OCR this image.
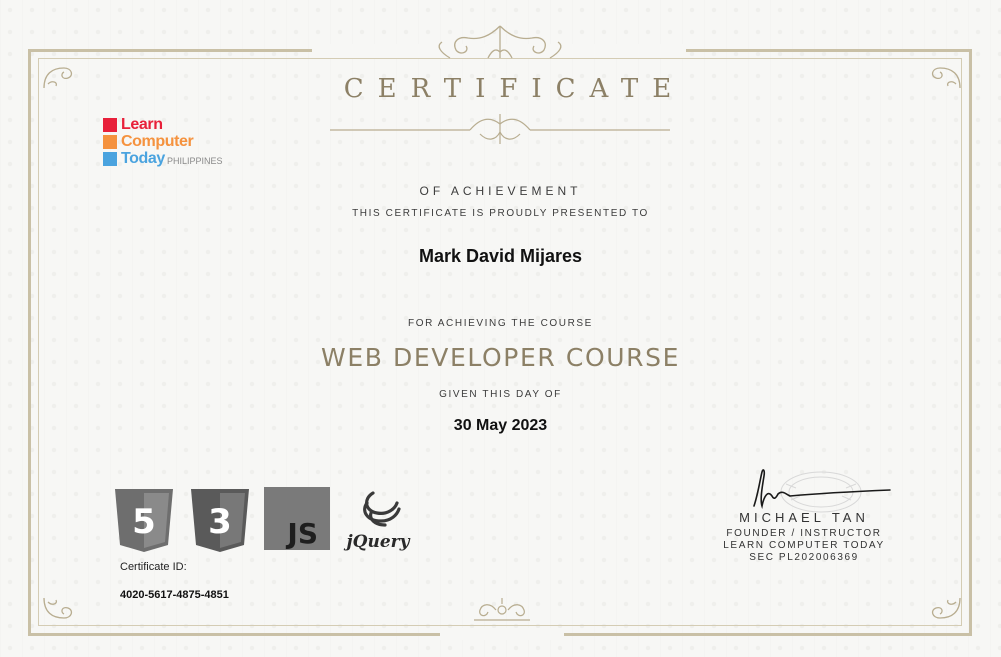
Learn
Computer
Today PHILIPPINES
CERTIFICATE
OF ACHIEVEMENT
THIS CERTIFICATE IS PROUDLY PRESENTED TO
Mark David Mijares
FOR ACHIEVING THE COURSE
WEB DEVELOPER COURSE
GIVEN THIS DAY OF
30 May 2023
5 3 JS jQuery
Certificate ID:
4020-5617-4875-4851
MICHAEL TAN
FOUNDER / INSTRUCTOR
LEARN COMPUTER TODAY
SEC PL202006369
